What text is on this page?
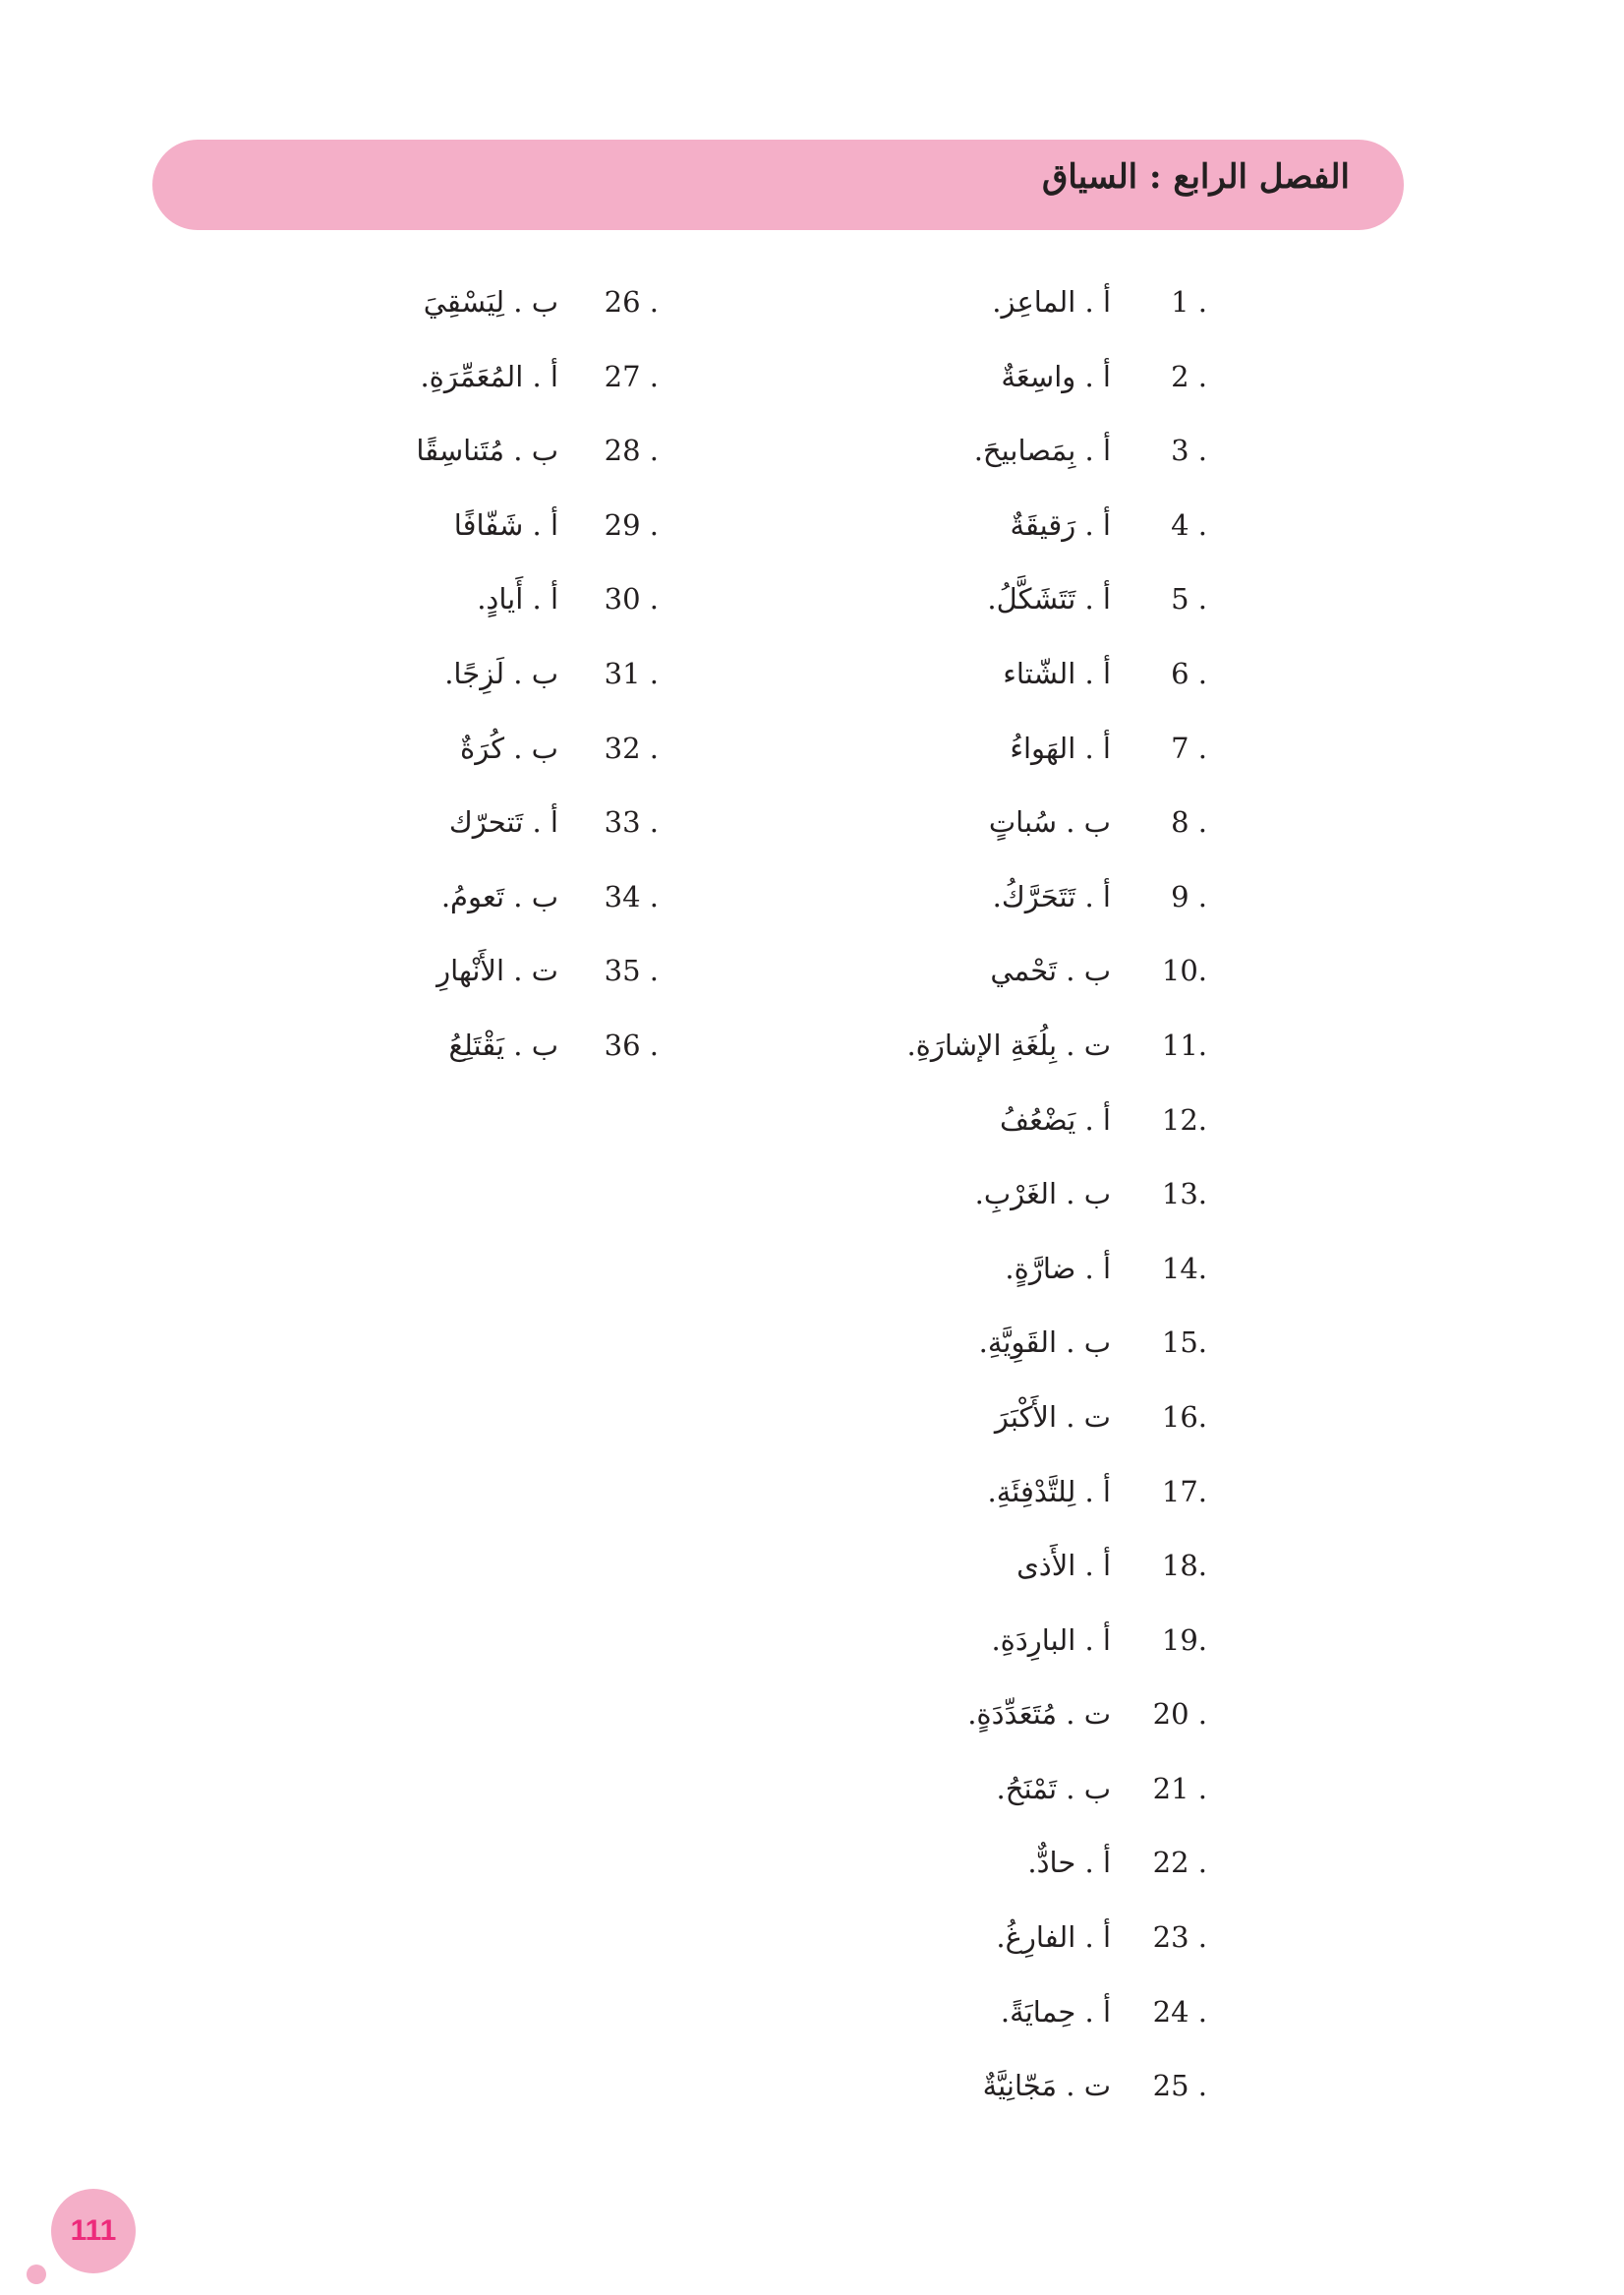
الفصل الرابع : السياق
1 .
أ . الماعِز.
2 .
أ . واسِعَةٌ
3 .
أ . بِمَصابيحَ.
4 .
أ . رَقيقَةٌ
5 .
أ . تَتَشَكَّلُ.
6 .
أ . الشّتاء
7 .
أ . الهَواءُ
8 .
ب . سُباتٍ
9 .
أ . تَتَحَرَّكُ.
10.
ب . تَحْمي
11.
ت . بِلُغَةِ الإشارَةِ.
12.
أ . يَضْعُفُ
13.
ب . الغَرْبِ.
14.
أ . ضارَّةٍ.
15.
ب . القَوِيَّةِ.
16.
ت . الأَكْبَرَ
17.
أ . لِلتَّدْفِئَةِ.
18.
أ . الأَذى
19.
أ . البارِدَةِ.
20 .
ت . مُتَعَدِّدَةٍ.
21 .
ب . تَمْنَحُ.
22 .
أ . حادٌّ.
23 .
أ . الفارِغُ.
24 .
أ . حِمايَةً.
25 .
ت . مَجّانِيَّةٌ
26 .
ب . لِيَسْقِيَ
27 .
أ . المُعَمِّرَةِ.
28 .
ب . مُتَناسِقًا
29 .
أ . شَفّافًا
30 .
أ . أَيادٍ.
31 .
ب . لَزِجًا.
32 .
ب . كُرَةٌ
33 .
أ . تَتحرّك
34 .
ب . تَعومُ.
35 .
ت . الأَنْهارِ
36 .
ب . يَقْتَلِعُ
111
